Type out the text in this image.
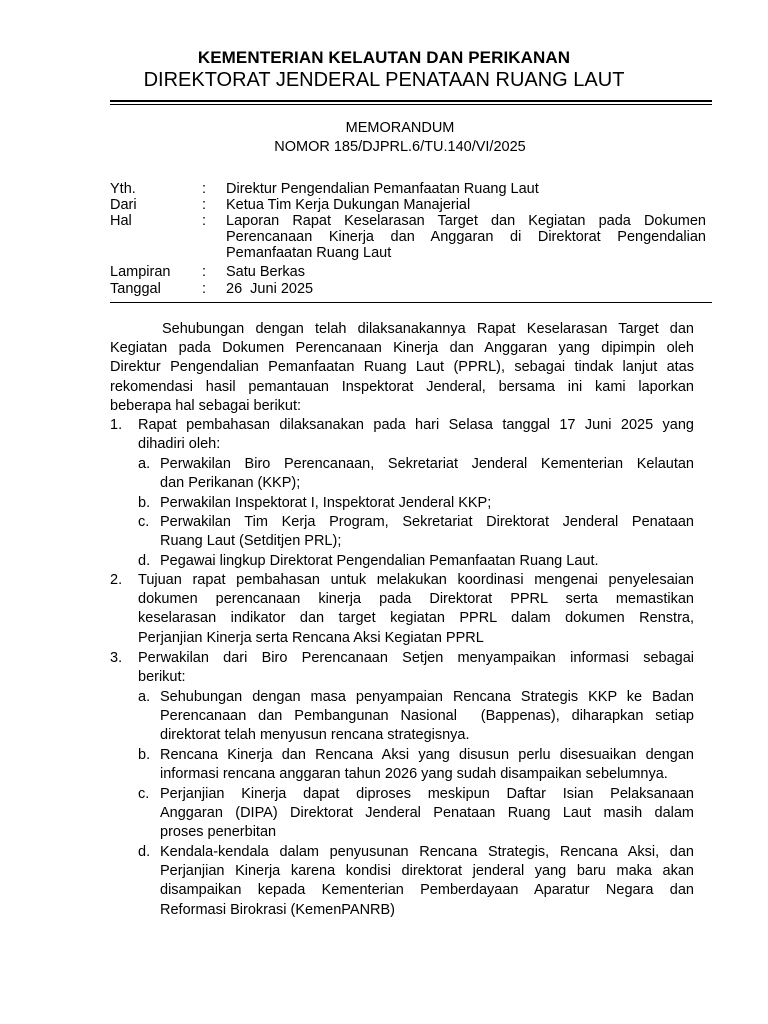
KEMENTERIAN KELAUTAN DAN PERIKANAN
DIREKTORAT JENDERAL PENATAAN RUANG LAUT
MEMORANDUM
NOMOR 185/DJPRL.6/TU.140/VI/2025
Yth.	: Direktur Pengendalian Pemanfaatan Ruang Laut
Dari	: Ketua Tim Kerja Dukungan Manajerial
Hal	: Laporan Rapat Keselarasan Target dan Kegiatan pada Dokumen
Perencanaan Kinerja dan Anggaran di Direktorat Pengendalian
Pemanfaatan Ruang Laut
Lampiran : Satu Berkas
Tanggal	: 26  Juni 2025
Sehubungan dengan telah dilaksanakannya Rapat Keselarasan Target dan
Kegiatan pada Dokumen Perencanaan Kinerja dan Anggaran yang dipimpin oleh
Direktur Pengendalian Pemanfaatan Ruang Laut (PPRL), sebagai tindak lanjut atas
rekomendasi hasil pemantauan Inspektorat Jenderal, bersama ini kami laporkan
beberapa hal sebagai berikut:
1. Rapat pembahasan dilaksanakan pada hari Selasa tanggal 17 Juni 2025 yang
dihadiri oleh:
a. Perwakilan Biro Perencanaan, Sekretariat Jenderal Kementerian Kelautan
dan Perikanan (KKP);
b. Perwakilan Inspektorat I, Inspektorat Jenderal KKP;
c. Perwakilan Tim Kerja Program, Sekretariat Direktorat Jenderal Penataan
Ruang Laut (Setditjen PRL);
d. Pegawai lingkup Direktorat Pengendalian Pemanfaatan Ruang Laut.
2. Tujuan rapat pembahasan untuk melakukan koordinasi mengenai penyelesaian
dokumen perencanaan kinerja pada Direktorat PPRL serta memastikan
keselarasan indikator dan target kegiatan PPRL dalam dokumen Renstra,
Perjanjian Kinerja serta Rencana Aksi Kegiatan PPRL
3. Perwakilan dari Biro Perencanaan Setjen menyampaikan informasi sebagai
berikut:
a. Sehubungan dengan masa penyampaian Rencana Strategis KKP ke Badan
Perencanaan dan Pembangunan Nasional  (Bappenas), diharapkan setiap
direktorat telah menyusun rencana strategisnya.
b. Rencana Kinerja dan Rencana Aksi yang disusun perlu disesuaikan dengan
informasi rencana anggaran tahun 2026 yang sudah disampaikan sebelumnya.
c. Perjanjian Kinerja dapat diproses meskipun Daftar Isian Pelaksanaan
Anggaran (DIPA) Direktorat Jenderal Penataan Ruang Laut masih dalam
proses penerbitan
d. Kendala-kendala dalam penyusunan Rencana Strategis, Rencana Aksi, dan
Perjanjian Kinerja karena kondisi direktorat jenderal yang baru maka akan
disampaikan kepada Kementerian Pemberdayaan Aparatur Negara dan
Reformasi Birokrasi (KemenPANRB)
